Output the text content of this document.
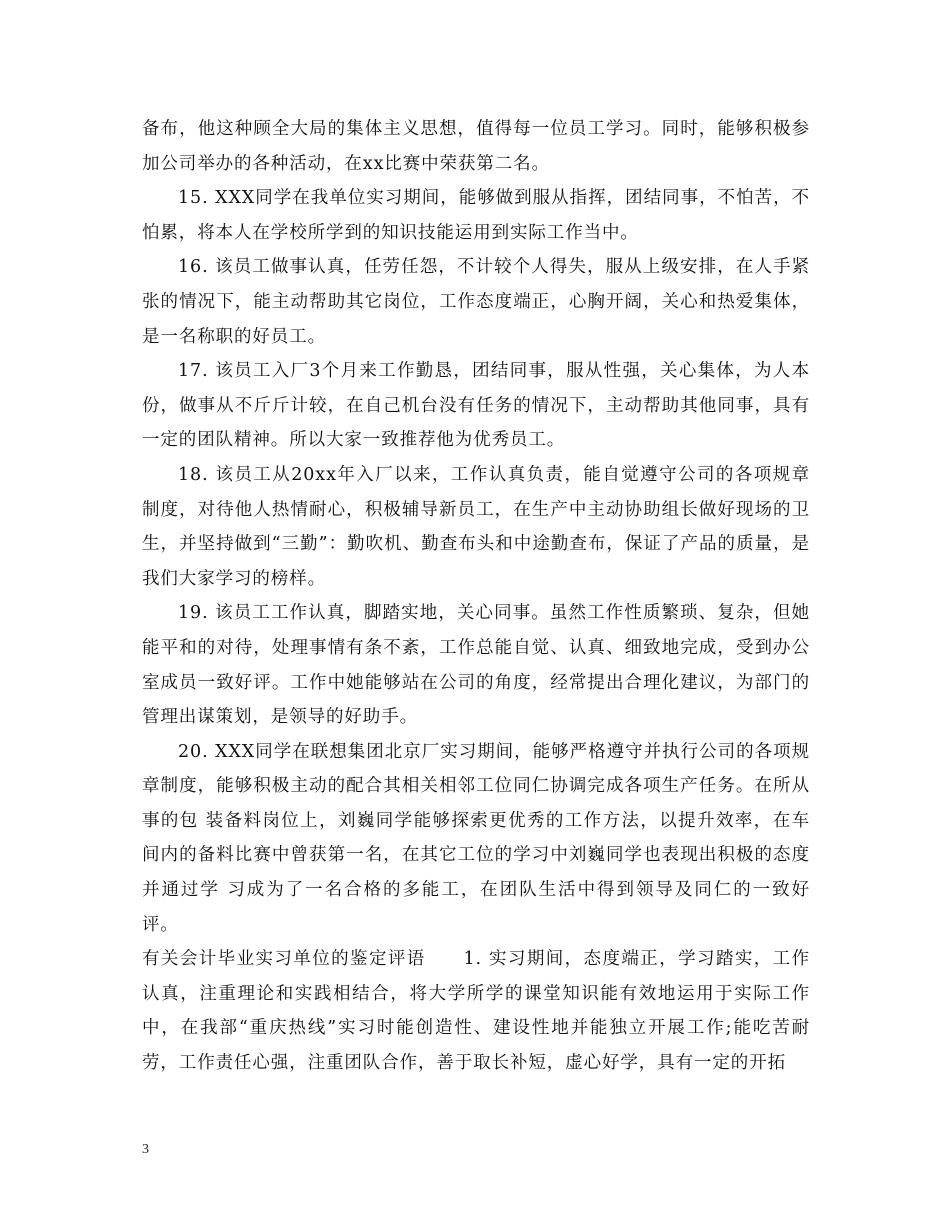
备布，他这种顾全大局的集体主义思想，值得每一位员工学习。同时，能够积极参加公司举办的各种活动，在xx比赛中荣获第二名。

15. XXX同学在我单位实习期间，能够做到服从指挥，团结同事，不怕苦，不怕累，将本人在学校所学到的知识技能运用到实际工作当中。

16. 该员工做事认真，任劳任怨，不计较个人得失，服从上级安排，在人手紧张的情况下，能主动帮助其它岗位，工作态度端正，心胸开阔，关心和热爱集体，是一名称职的好员工。

17. 该员工入厂3个月来工作勤恳，团结同事，服从性强，关心集体，为人本份，做事从不斤斤计较，在自己机台没有任务的情况下，主动帮助其他同事，具有一定的团队精神。所以大家一致推荐他为优秀员工。

18. 该员工从20xx年入厂以来，工作认真负责，能自觉遵守公司的各项规章制度，对待他人热情耐心，积极辅导新员工，在生产中主动协助组长做好现场的卫生，并坚持做到“三勤”：勤吹机、勤查布头和中途勤查布，保证了产品的质量，是我们大家学习的榜样。

19. 该员工工作认真，脚踏实地，关心同事。虽然工作性质繁琐、复杂，但她能平和的对待，处理事情有条不紊，工作总能自觉、认真、细致地完成，受到办公室成员一致好评。工作中她能够站在公司的角度，经常提出合理化建议，为部门的管理出谋策划，是领导的好助手。

20. XXX同学在联想集团北京厂实习期间，能够严格遵守并执行公司的各项规章制度，能够积极主动的配合其相关相邻工位同仁协调完成各项生产任务。在所从事的包 装备料岗位上，刘巍同学能够探索更优秀的工作方法，以提升效率，在车间内的备料比赛中曾获第一名，在其它工位的学习中刘巍同学也表现出积极的态度并通过学 习成为了一名合格的多能工，在团队生活中得到领导及同仁的一致好评。

有关会计毕业实习单位的鉴定评语　　1. 实习期间，态度端正，学习踏实，工作认真，注重理论和实践相结合，将大学所学的课堂知识能有效地运用于实际工作中，在我部“重庆热线”实习时能创造性、建设性地并能独立开展工作;能吃苦耐劳，工作责任心强，注重团队合作，善于取长补短，虚心好学，具有一定的开拓

3
